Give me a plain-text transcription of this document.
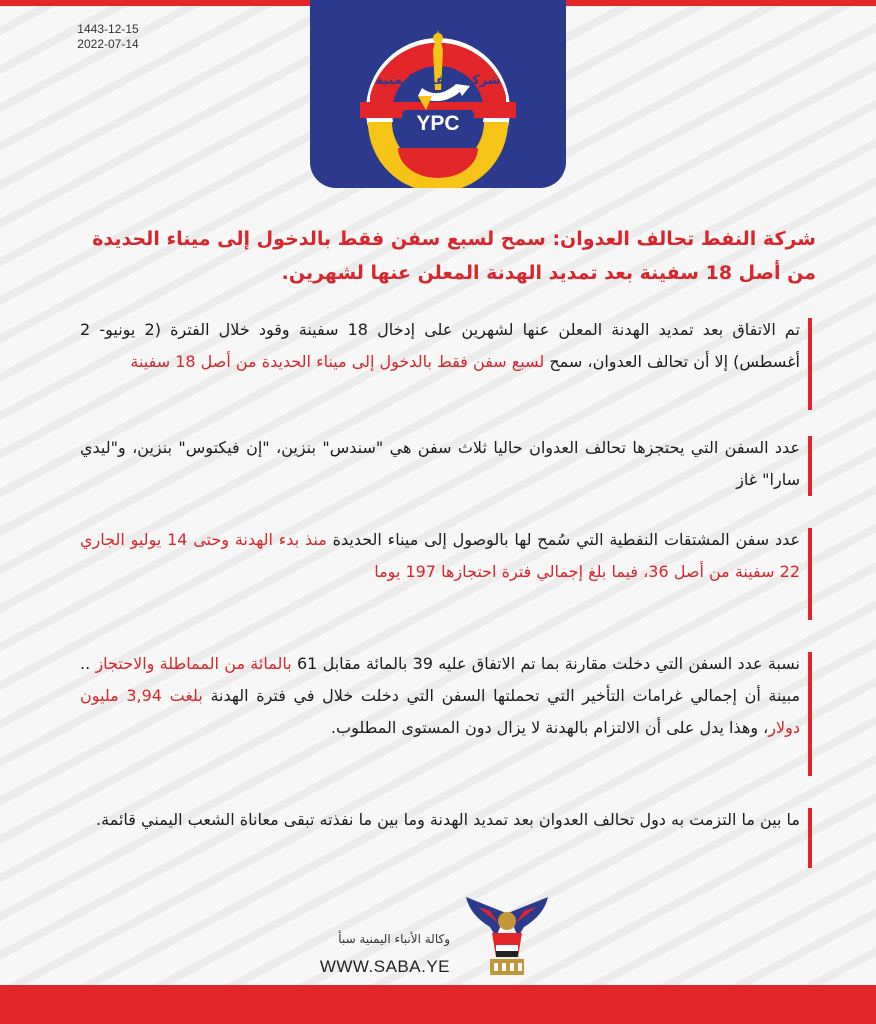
1443-12-15
2022-07-14
YPC
شركة النفط اليمنية
شركة النفط تحالف العدوان: سمح لسبع سفن فقط بالدخول إلى ميناء الحديدة من أصل 18 سفينة بعد تمديد الهدنة المعلن عنها لشهرين.
تم الاتفاق بعد تمديد الهدنة المعلن عنها لشهرين على إدخال 18 سفينة وقود خلال الفترة (2 يونيو- 2 أغسطس) إلا أن تحالف العدوان، سمح لسبع سفن فقط بالدخول إلى ميناء الحديدة من أصل 18 سفينة
عدد السفن التي يحتجزها تحالف العدوان حاليا ثلاث سفن هي "سندس" بنزين، "إن فيكتوس" بنزين، و"ليدي سارا" غاز
عدد سفن المشتقات النفطية التي سُمح لها بالوصول إلى ميناء الحديدة منذ بدء الهدنة وحتى 14 يوليو الجاري 22 سفينة من أصل 36، فيما بلغ إجمالي فترة احتجازها 197 يوما
نسبة عدد السفن التي دخلت مقارنة بما تم الاتفاق عليه 39 بالمائة مقابل 61 بالمائة من المماطلة والاحتجاز .. مبينة أن إجمالي غرامات التأخير التي تحملتها السفن التي دخلت خلال في فترة الهدنة بلغت 3,94 مليون دولار، وهذا يدل على أن الالتزام بالهدنة لا يزال دون المستوى المطلوب.
ما بين ما التزمت به دول تحالف العدوان بعد تمديد الهدنة وما بين ما نفذته تبقى معاناة الشعب اليمني قائمة.
وكالة الأنباء اليمنية سبأ
WWW.SABA.YE
